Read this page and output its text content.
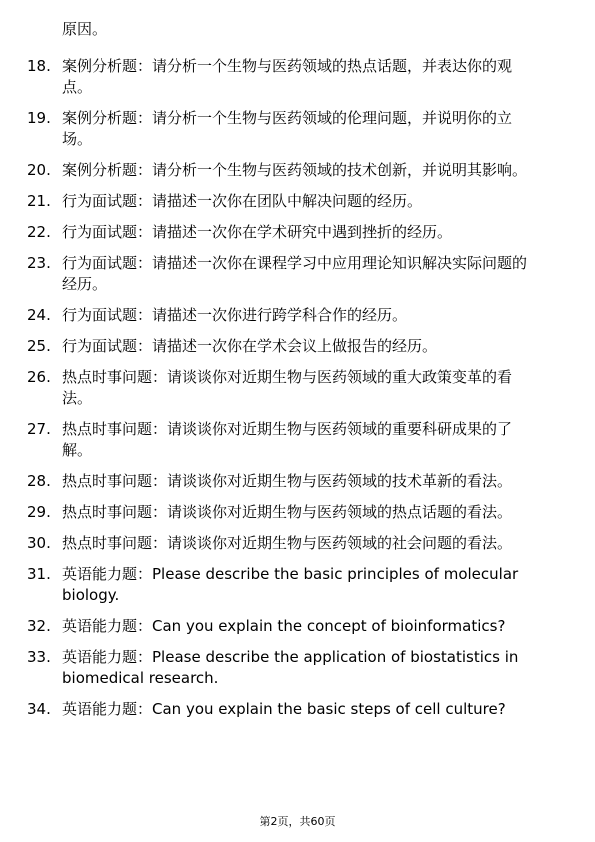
原因。
18. 案例分析题：请分析一个生物与医药领域的热点话题，并表达你的观点。
19. 案例分析题：请分析一个生物与医药领域的伦理问题，并说明你的立场。
20. 案例分析题：请分析一个生物与医药领域的技术创新，并说明其影响。
21. 行为面试题：请描述一次你在团队中解决问题的经历。
22. 行为面试题：请描述一次你在学术研究中遇到挫折的经历。
23. 行为面试题：请描述一次你在课程学习中应用理论知识解决实际问题的经历。
24. 行为面试题：请描述一次你进行跨学科合作的经历。
25. 行为面试题：请描述一次你在学术会议上做报告的经历。
26. 热点时事问题：请谈谈你对近期生物与医药领域的重大政策变革的看法。
27. 热点时事问题：请谈谈你对近期生物与医药领域的重要科研成果的了解。
28. 热点时事问题：请谈谈你对近期生物与医药领域的技术革新的看法。
29. 热点时事问题：请谈谈你对近期生物与医药领域的热点话题的看法。
30. 热点时事问题：请谈谈你对近期生物与医药领域的社会问题的看法。
31. 英语能力题：Please describe the basic principles of molecular biology.
32. 英语能力题：Can you explain the concept of bioinformatics?
33. 英语能力题：Please describe the application of biostatistics in biomedical research.
34. 英语能力题：Can you explain the basic steps of cell culture?
第2页，共60页
